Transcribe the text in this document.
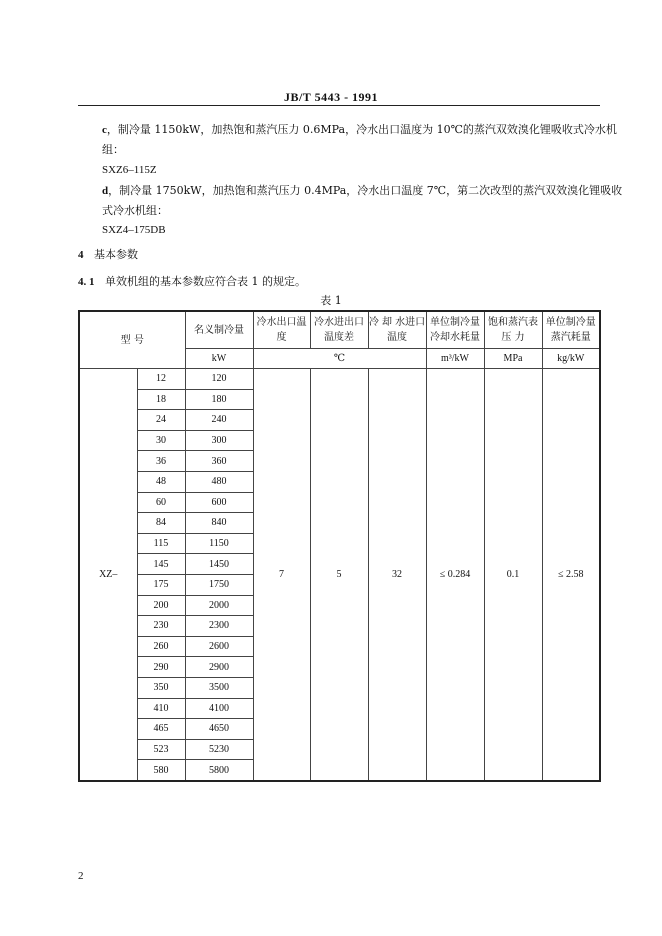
JB/T 5443 - 1991
c，制冷量 1150kW，加热饱和蒸汽压力 0.6MPa，冷水出口温度为 10℃的蒸汽双效溴化锂吸收式冷水机组：
SXZ6–115Z
d，制冷量 1750kW，加热饱和蒸汽压力 0.4MPa，冷水出口温度 7℃，第二次改型的蒸汽双效溴化锂吸收式冷水机组：
SXZ4–175DB
4 基本参数
4. 1 单效机组的基本参数应符合表 1 的规定。
表 1
型 号		名义制冷量	冷水出口温度	冷水进出口温度差	冷 却 水进口温度	单位制冷量冷却水耗量	饱和蒸汽表 压 力	单位制冷量蒸汽耗量
		kW	℃			m³/kW	MPa	kg/kW
XZ–	12	120	7	5	32	≤ 0.284	0.1	≤ 2.58
	18	180						
	24	240						
	30	300						
	36	360						
	48	480						
	60	600						
	84	840						
	115	1150						
	145	1450						
	175	1750						
	200	2000						
	230	2300						
	260	2600						
	290	2900						
	350	3500						
	410	4100						
	465	4650						
	523	5230						
	580	5800						
2
